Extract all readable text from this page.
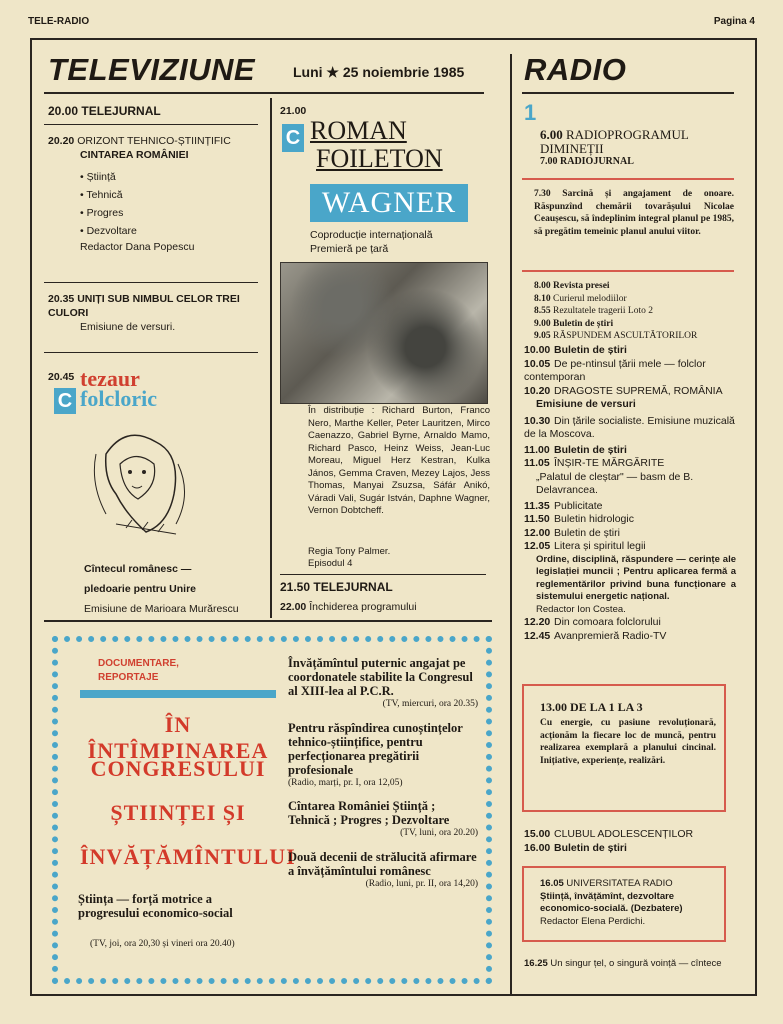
TELE-RADIO	Pagina 4
TELEVIZIUNE	Luni ★ 25 noiembrie 1985
20.00 TELEJURNAL
20.20 ORIZONT TEHNICO-ȘTIINȚIFIC
CINTAREA ROMÂNIEI
• Știință
• Tehnică
• Progres
• Dezvoltare
Redactor Dana Popescu
20.35 UNIȚI SUB NIMBUL CELOR TREI CULORI
Emisiune de versuri.
20.45 tezaur
C folcloric
Cîntecul românesc —
pledoarie pentru Unire
Emisiune de Marioara Murărescu
21.00
C ROMAN
FOILETON
WAGNER
Coproducție internațională
Premieră pe țară
În distribuție : Richard Burton, Franco Nero, Marthe Keller, Peter Lauritzen, Mirco Caenazzo, Gabriel Byrne, Arnaldo Mamo, Richard Pasco, Heinz Weiss, Jean-Luc Moreau, Miguel Herz Kestran, Kulka János, Gemma Craven, Mezey Lajos, Jess Thomas, Manyai Zsuzsa, Sáfár Anikó, Váradi Vali, Sugár István, Daphne Wagner, Vernon Dobtcheff.
Regia Tony Palmer.
Episodul 4
21.50 TELEJURNAL
22.00 Închiderea programului
DOCUMENTARE,
REPORTAJE
ÎN ÎNTÎMPINAREA
CONGRESULUI
ȘTIINȚEI ȘI
ÎNVĂȚĂMÎNTULUI
Știința — forță motrice a progresului economico-social
(TV, joi, ora 20,30 și vineri ora 20.40)
Învățămîntul puternic angajat pe coordonatele stabilite la Congresul al XIII-lea al P.C.R.
(TV, miercuri, ora 20.35)
Pentru răspîndirea cunoștințelor tehnico-științifice, pentru perfecționarea pregătirii profesionale
(Radio, marți, pr. I, ora 12,05)
Cîntarea României Știință ; Tehnică ; Progres ; Dezvoltare
(TV, luni, ora 20.20)
Două decenii de strălucită afirmare a învățămîntului românesc
(Radio, luni, pr. II, ora 14,20)
RADIO
1
6.00 RADIOPROGRAMUL DIMINEȚII
7.00 RADIOJURNAL
7.30 Sarcină și angajament de onoare. Răspunzînd chemării tovarășului Nicolae Ceaușescu, să îndeplinim integral planul pe 1985, să pregătim temeinic planul anului viitor.
8.00 Revista presei
8.10 Curierul melodiilor
8.55 Rezultatele tragerii Loto 2
9.00 Buletin de știri
9.05 RĂSPUNDEM ASCULTĂTORILOR
10.00 Buletin de știri
10.05 De pe-ntinsul țării mele — folclor contemporan
10.20 DRAGOSTE SUPREMĂ, ROMÂNIA
Emisiune de versuri
10.30 Din țările socialiste. Emisiune muzicală de la Moscova.
11.00 Buletin de știri
11.05 ÎNȘIR-TE MĂRGĂRITE
„Palatul de cleștar" — basm de B. Delavrancea.
11.35 Publicitate
11.50 Buletin hidrologic
12.00 Buletin de știri
12.05 Litera și spiritul legii
Ordine, disciplină, răspundere — cerințe ale legislației muncii ; Pentru aplicarea fermă a reglementărilor privind buna funcționare a sistemului energetic național.
Redactor Ion Costea.
12.20 Din comoara folclorului
12.45 Avanpremieră Radio-TV
13.00 DE LA 1 LA 3
Cu energie, cu pasiune revoluționară, acționăm la fiecare loc de muncă, pentru realizarea exemplară a planului cincinal. Inițiative, experiențe, realizări.
15.00 CLUBUL ADOLESCENȚILOR
16.00 Buletin de știri
16.05 UNIVERSITATEA RADIO
Știință, învățămînt, dezvoltare economico-socială. (Dezbatere)
Redactor Elena Perdichi.
16.25 Un singur țel, o singură voință — cîntece
